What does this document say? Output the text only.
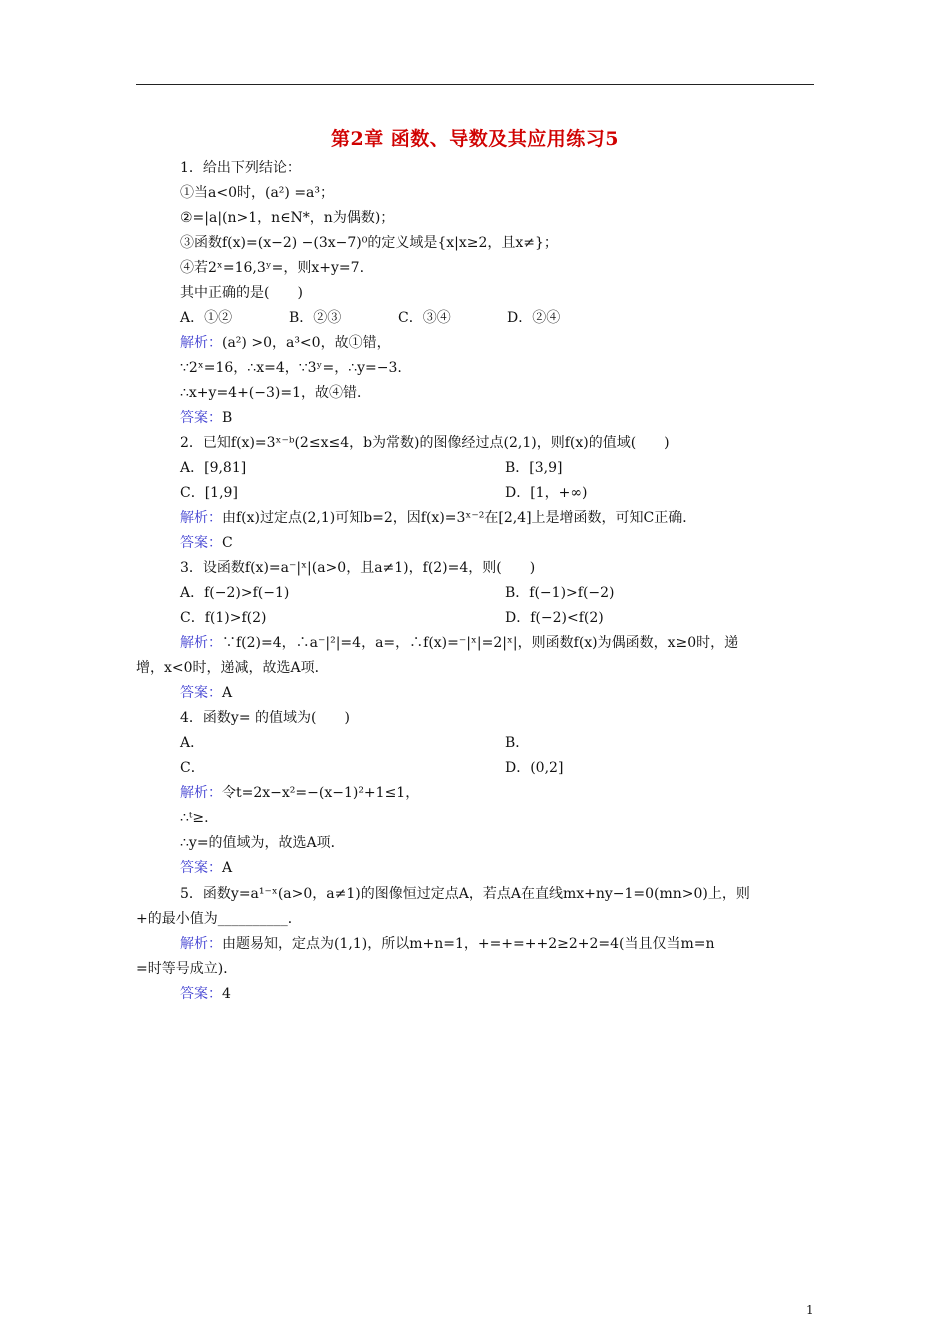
第2章 函数、导数及其应用练习5
1．给出下列结论：
①当a<0时，(a²) =a³；
②=|a|(n>1，n∈N*，n为偶数)；
③函数f(x)=(x−2) −(3x−7)⁰的定义域是{x|x≥2，且x≠}；
④若2ˣ=16,3ʸ=，则x+y=7.
其中正确的是(　　)
A．①②	B．②③	C．③④	D．②④
解析：(a²) >0，a³<0，故①错，
∵2ˣ=16，∴x=4，∵3ʸ=，∴y=−3.
∴x+y=4+(−3)=1，故④错．
答案：B
2．已知f(x)=3ˣ⁻ᵇ(2≤x≤4，b为常数)的图像经过点(2,1)，则f(x)的值域(　　)
A．[9,81]	B．[3,9]
C．[1,9]	D．[1，+∞)
解析：由f(x)过定点(2,1)可知b=2，因f(x)=3ˣ⁻²在[2,4]上是增函数，可知C正确．
答案：C
3．设函数f(x)=a⁻|ˣ|(a>0，且a≠1)，f(2)=4，则(　　)
A．f(−2)>f(−1)	B．f(−1)>f(−2)
C．f(1)>f(2)	D．f(−2)<f(2)
解析：∵f(2)=4，∴a⁻|²|=4，a=，∴f(x)=⁻|ˣ|=2|ˣ|，则函数f(x)为偶函数，x≥0时，递
增，x<0时，递减，故选A项．
答案：A
4．函数y= 的值域为(　　)
A．	B．
C．	D．(0,2]
解析：令t=2x−x²=−(x−1)²+1≤1，
∴ᵗ≥.
∴y=的值域为，故选A项．
答案：A
5．函数y=a¹⁻ˣ(a>0，a≠1)的图像恒过定点A，若点A在直线mx+ny−1=0(mn>0)上，则
+的最小值为__________．
解析：由题易知，定点为(1,1)，所以m+n=1，+=+=++2≥2+2=4(当且仅当m=n
=时等号成立)．
答案：4
1
